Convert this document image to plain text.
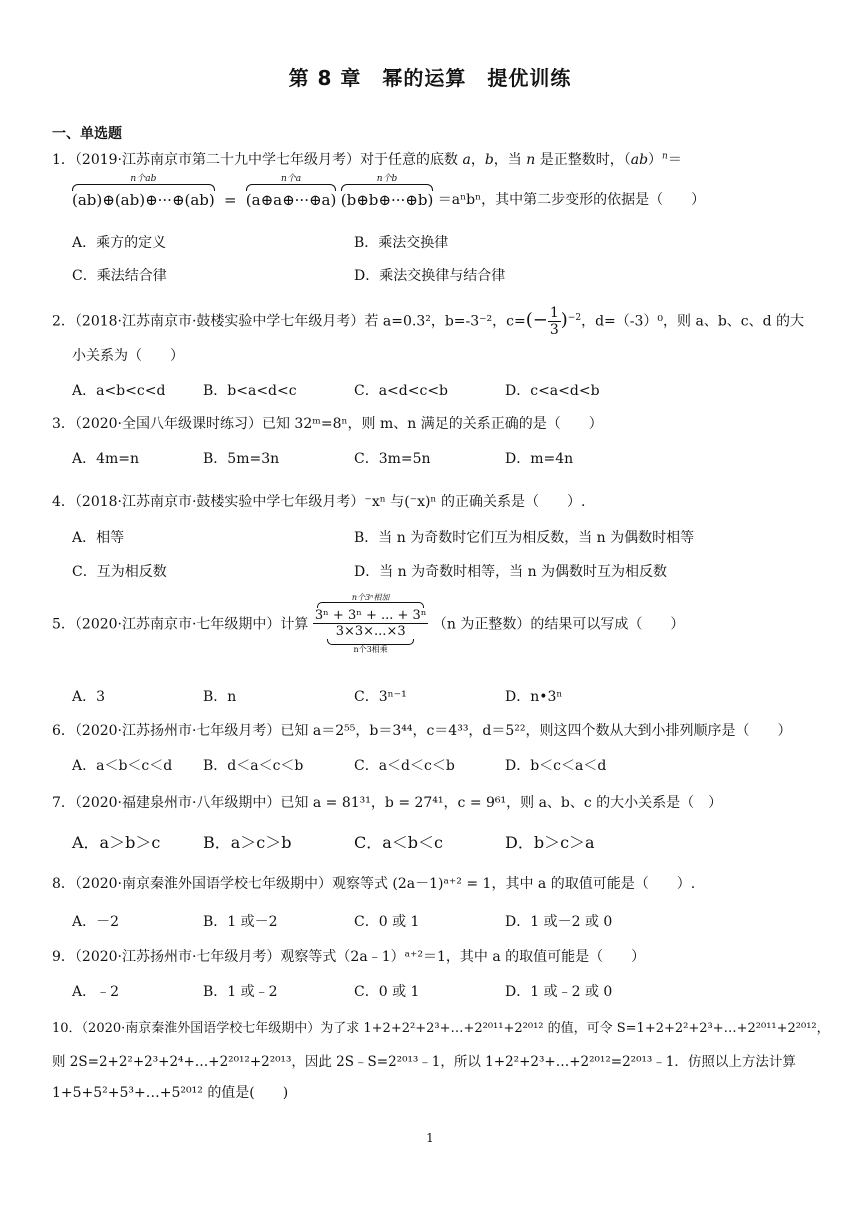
第 8 章　幂的运算　提优训练
一、单选题
1．（2019·江苏南京市第二十九中学七年级月考）对于任意的底数 a，b，当 n 是正整数时，（ab）$^n$＝
n个ab
(ab)⊕(ab)⊕···⊕(ab)  =
n个a
(a⊕a⊕···⊕a)
n个b
(b⊕b⊕···⊕b) ＝aⁿbⁿ，其中第二步变形的依据是（　　）
A．乘方的定义	B．乘法交换律
C．乘法结合律	D．乘法交换律与结合律
2．（2018·江苏南京市·鼓楼实验中学七年级月考）若 a=0.3²，b=-3⁻²，$c=(- \frac{1}{3} )^{-2}$，d=（-3）⁰，则 a、b、c、d 的大
小关系为（　　）
A．a<b<c<d	B．b<a<d<c	C．a<d<c<b	D．c<a<d<b
3．（2020·全国八年级课时练习）已知 32ᵐ=8ⁿ，则 m、n 满足的关系正确的是（　　）
A．4m=n	B．5m=3n	C．3m=5n	D．m=4n
4．（2018·江苏南京市·鼓楼实验中学七年级月考）⁻xⁿ 与(⁻x)ⁿ 的正确关系是（　　）.
A．相等	B．当 n 为奇数时它们互为相反数，当 n 为偶数时相等
C．互为相反数	D．当 n 为奇数时相等，当 n 为偶数时互为相反数
5．（2020·江苏南京市·七年级期中）计算
n个3ⁿ相加
3ⁿ + 3ⁿ + ... + 3ⁿ
3×3×...×3
n个3相乘
（n 为正整数）的结果可以写成（　　）
A．3	B．n	C．3ⁿ⁻¹	D．n•3ⁿ
6．（2020·江苏扬州市·七年级月考）已知 a＝2⁵⁵，b＝3⁴⁴，c＝4³³，d＝5²²，则这四个数从大到小排列顺序是（　　）
A．a＜b＜c＜d B．d＜a＜c＜b	C．a＜d＜c＜b	D．b＜c＜a＜d
7．（2020·福建泉州市·八年级期中）已知 a = 81³¹，b = 27⁴¹，c = 9⁶¹，则 a、b、c 的大小关系是（　）
A．a＞b＞c	B．a＞c＞b	C．a＜b＜c	D．b＞c＞a
8．（2020·南京秦淮外国语学校七年级期中）观察等式 (2a－1)ᵃ⁺² = 1，其中 a 的取值可能是（　　）.
A．－2	B．1 或－2	C．0 或 1	D．1 或－2 或 0
9．（2020·江苏扬州市·七年级月考）观察等式（2a﹣1）ᵃ⁺²＝1，其中 a 的取值可能是（　　）
A．﹣2	B．1 或﹣2	C．0 或 1	D．1 或﹣2 或 0
10．（2020·南京秦淮外国语学校七年级期中）为了求 1+2+2²+2³+…+2²⁰¹¹+2²⁰¹² 的值，可令 S=1+2+2²+2³+…+2²⁰¹¹+2²⁰¹²，
则 2S=2+2²+2³+2⁴+…+2²⁰¹²+2²⁰¹³，因此 2S﹣S=2²⁰¹³﹣1，所以 1+2²+2³+…+2²⁰¹²=2²⁰¹³﹣1．仿照以上方法计算
1+5+5²+5³+…+5²⁰¹² 的值是(　　)
1
